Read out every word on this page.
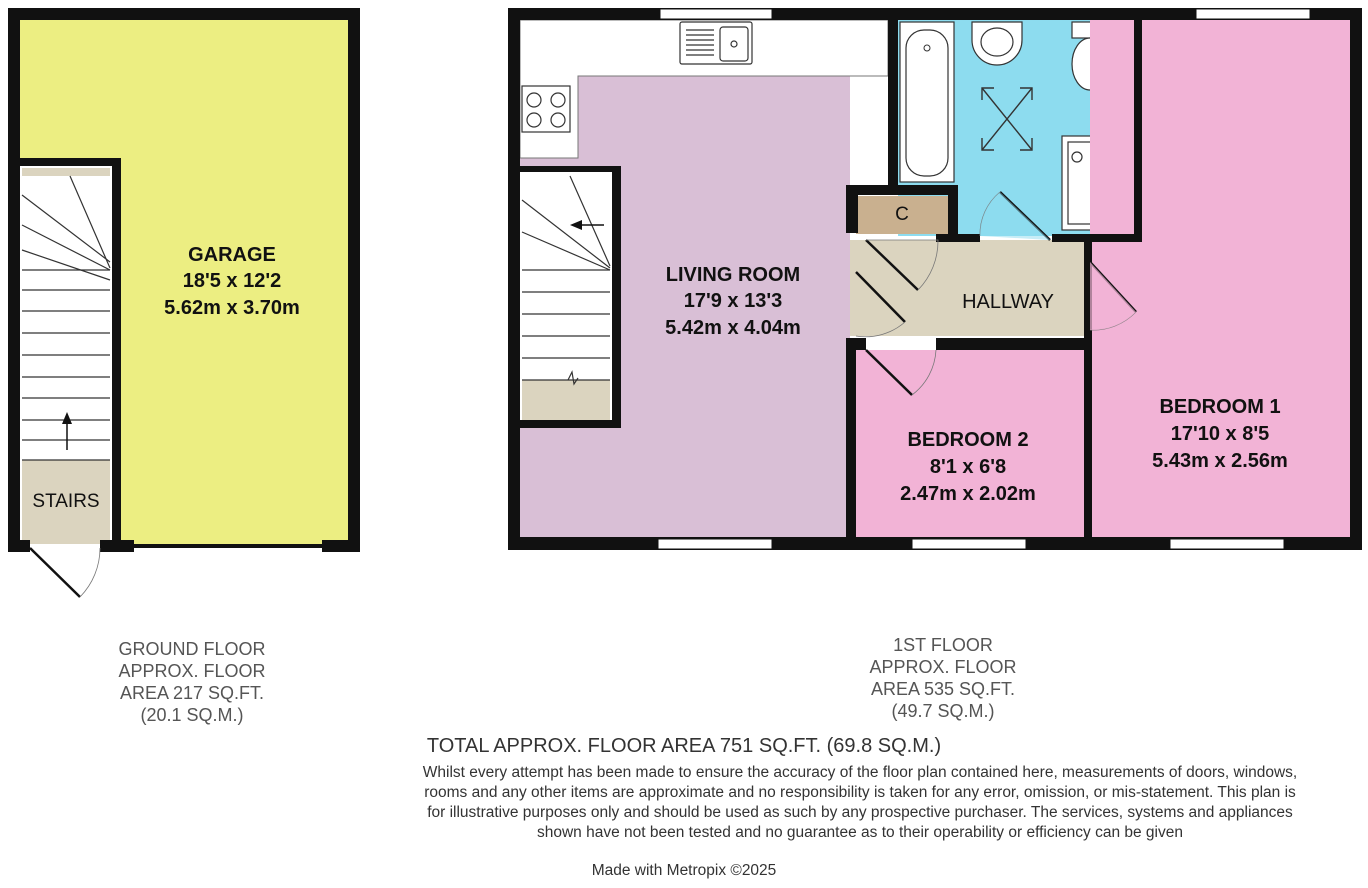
GARAGE
18'5 x 12'2
5.62m x 3.70m
STAIRS
LIVING ROOM
17'9 x 13'3
5.42m x 4.04m
HALLWAY
C
BEDROOM 1
17'10 x 8'5
5.43m x 2.56m
BEDROOM 2
8'1 x 6'8
2.47m x 2.02m
GROUND FLOOR
APPROX. FLOOR
AREA 217 SQ.FT.
(20.1 SQ.M.)
1ST FLOOR
APPROX. FLOOR
AREA 535 SQ.FT.
(49.7 SQ.M.)
TOTAL APPROX. FLOOR AREA 751 SQ.FT. (69.8 SQ.M.)
Whilst every attempt has been made to ensure the accuracy of the floor plan contained here, measurements of doors, windows, rooms and any other items are approximate and no responsibility is taken for any error, omission, or mis-statement. This plan is for illustrative purposes only and should be used as such by any prospective purchaser. The services, systems and appliances shown have not been tested and no guarantee as to their operability or efficiency can be given
Made with Metropix ©2025
